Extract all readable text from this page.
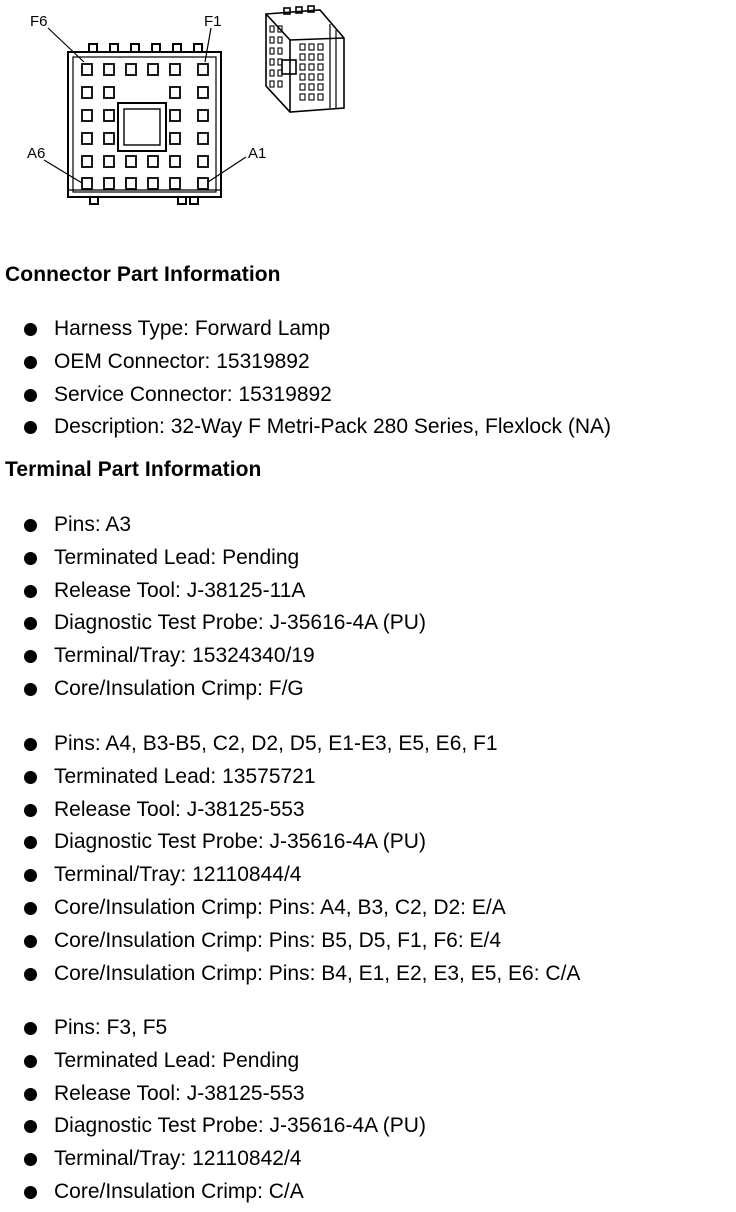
F6	F1
A6	A1
Connector Part Information
Harness Type: Forward Lamp
OEM Connector: 15319892
Service Connector: 15319892
Description: 32-Way F Metri-Pack 280 Series, Flexlock (NA)
Terminal Part Information
Pins: A3
Terminated Lead: Pending
Release Tool: J-38125-11A
Diagnostic Test Probe: J-35616-4A (PU)
Terminal/Tray: 15324340/19
Core/Insulation Crimp: F/G
Pins: A4, B3-B5, C2, D2, D5, E1-E3, E5, E6, F1
Terminated Lead: 13575721
Release Tool: J-38125-553
Diagnostic Test Probe: J-35616-4A (PU)
Terminal/Tray: 12110844/4
Core/Insulation Crimp: Pins: A4, B3, C2, D2: E/A
Core/Insulation Crimp: Pins: B5, D5, F1, F6: E/4
Core/Insulation Crimp: Pins: B4, E1, E2, E3, E5, E6: C/A
Pins: F3, F5
Terminated Lead: Pending
Release Tool: J-38125-553
Diagnostic Test Probe: J-35616-4A (PU)
Terminal/Tray: 12110842/4
Core/Insulation Crimp: C/A
